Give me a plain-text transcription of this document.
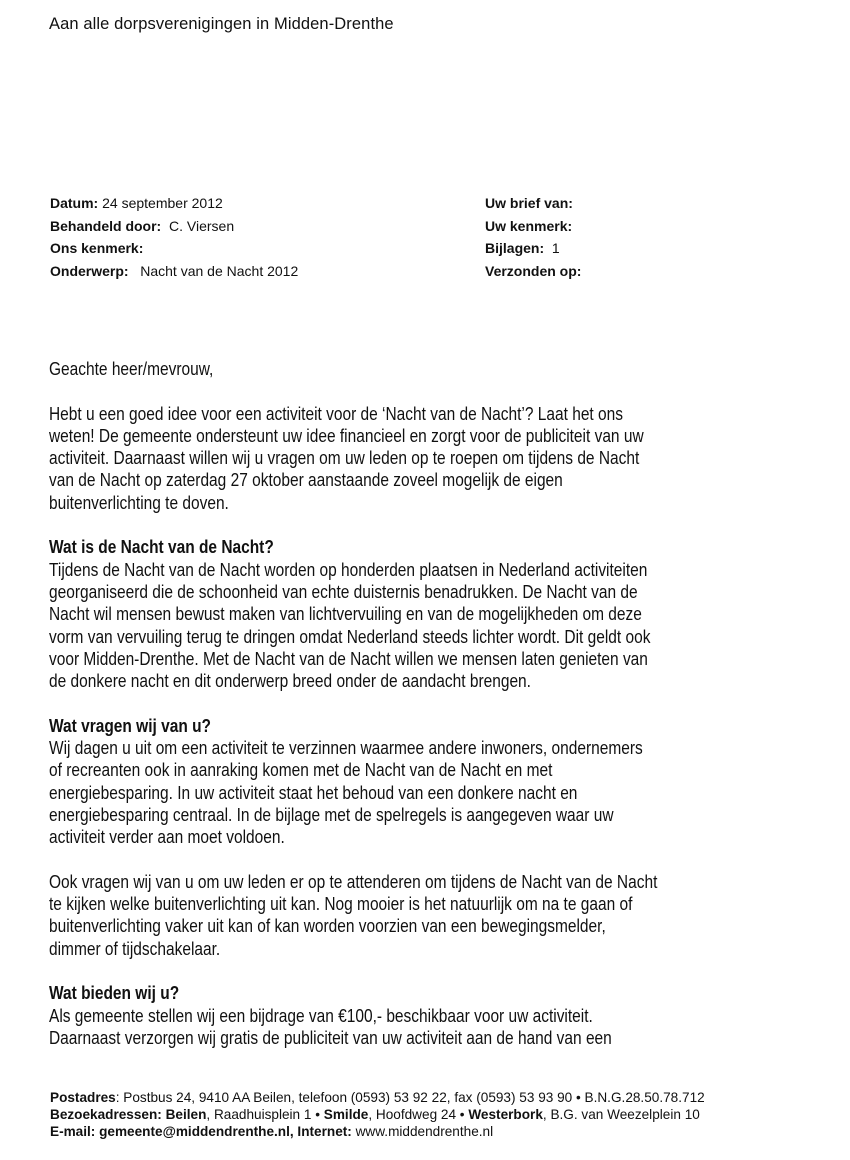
Aan alle dorpsverenigingen in Midden-Drenthe
Datum: 24 september 2012
Behandeld door: C. Viersen
Ons kenmerk:
Onderwerp: Nacht van de Nacht 2012
Uw brief van:
Uw kenmerk:
Bijlagen: 1
Verzonden op:

Geachte heer/mevrouw,

Hebt u een goed idee voor een activiteit voor de ‘Nacht van de Nacht’? Laat het ons
weten! De gemeente ondersteunt uw idee financieel en zorgt voor de publiciteit van uw
activiteit. Daarnaast willen wij u vragen om uw leden op te roepen om tijdens de Nacht
van de Nacht op zaterdag 27 oktober aanstaande zoveel mogelijk de eigen
buitenverlichting te doven.

Wat is de Nacht van de Nacht?

Tijdens de Nacht van de Nacht worden op honderden plaatsen in Nederland activiteiten
georganiseerd die de schoonheid van echte duisternis benadrukken. De Nacht van de
Nacht wil mensen bewust maken van lichtvervuiling en van de mogelijkheden om deze
vorm van vervuiling terug te dringen omdat Nederland steeds lichter wordt. Dit geldt ook
voor Midden-Drenthe. Met de Nacht van de Nacht willen we mensen laten genieten van
de donkere nacht en dit onderwerp breed onder de aandacht brengen.

Wat vragen wij van u?

Wij dagen u uit om een activiteit te verzinnen waarmee andere inwoners, ondernemers
of recreanten ook in aanraking komen met de Nacht van de Nacht en met
energiebesparing. In uw activiteit staat het behoud van een donkere nacht en
energiebesparing centraal. In de bijlage met de spelregels is aangegeven waar uw
activiteit verder aan moet voldoen.

Ook vragen wij van u om uw leden er op te attenderen om tijdens de Nacht van de Nacht
te kijken welke buitenverlichting uit kan. Nog mooier is het natuurlijk om na te gaan of
buitenverlichting vaker uit kan of kan worden voorzien van een bewegingsmelder,
dimmer of tijdschakelaar.

Wat bieden wij u?

Als gemeente stellen wij een bijdrage van €100,- beschikbaar voor uw activiteit.
Daarnaast verzorgen wij gratis de publiciteit van uw activiteit aan de hand van een

Postadres: Postbus 24, 9410 AA Beilen, telefoon (0593) 53 92 22, fax (0593) 53 93 90 • B.N.G.28.50.78.712
Bezoekadressen: Beilen, Raadhuisplein 1 • Smilde, Hoofdweg 24 • Westerbork, B.G. van Weezelplein 10
E-mail: gemeente@middendrenthe.nl, Internet: www.middendrenthe.nl
